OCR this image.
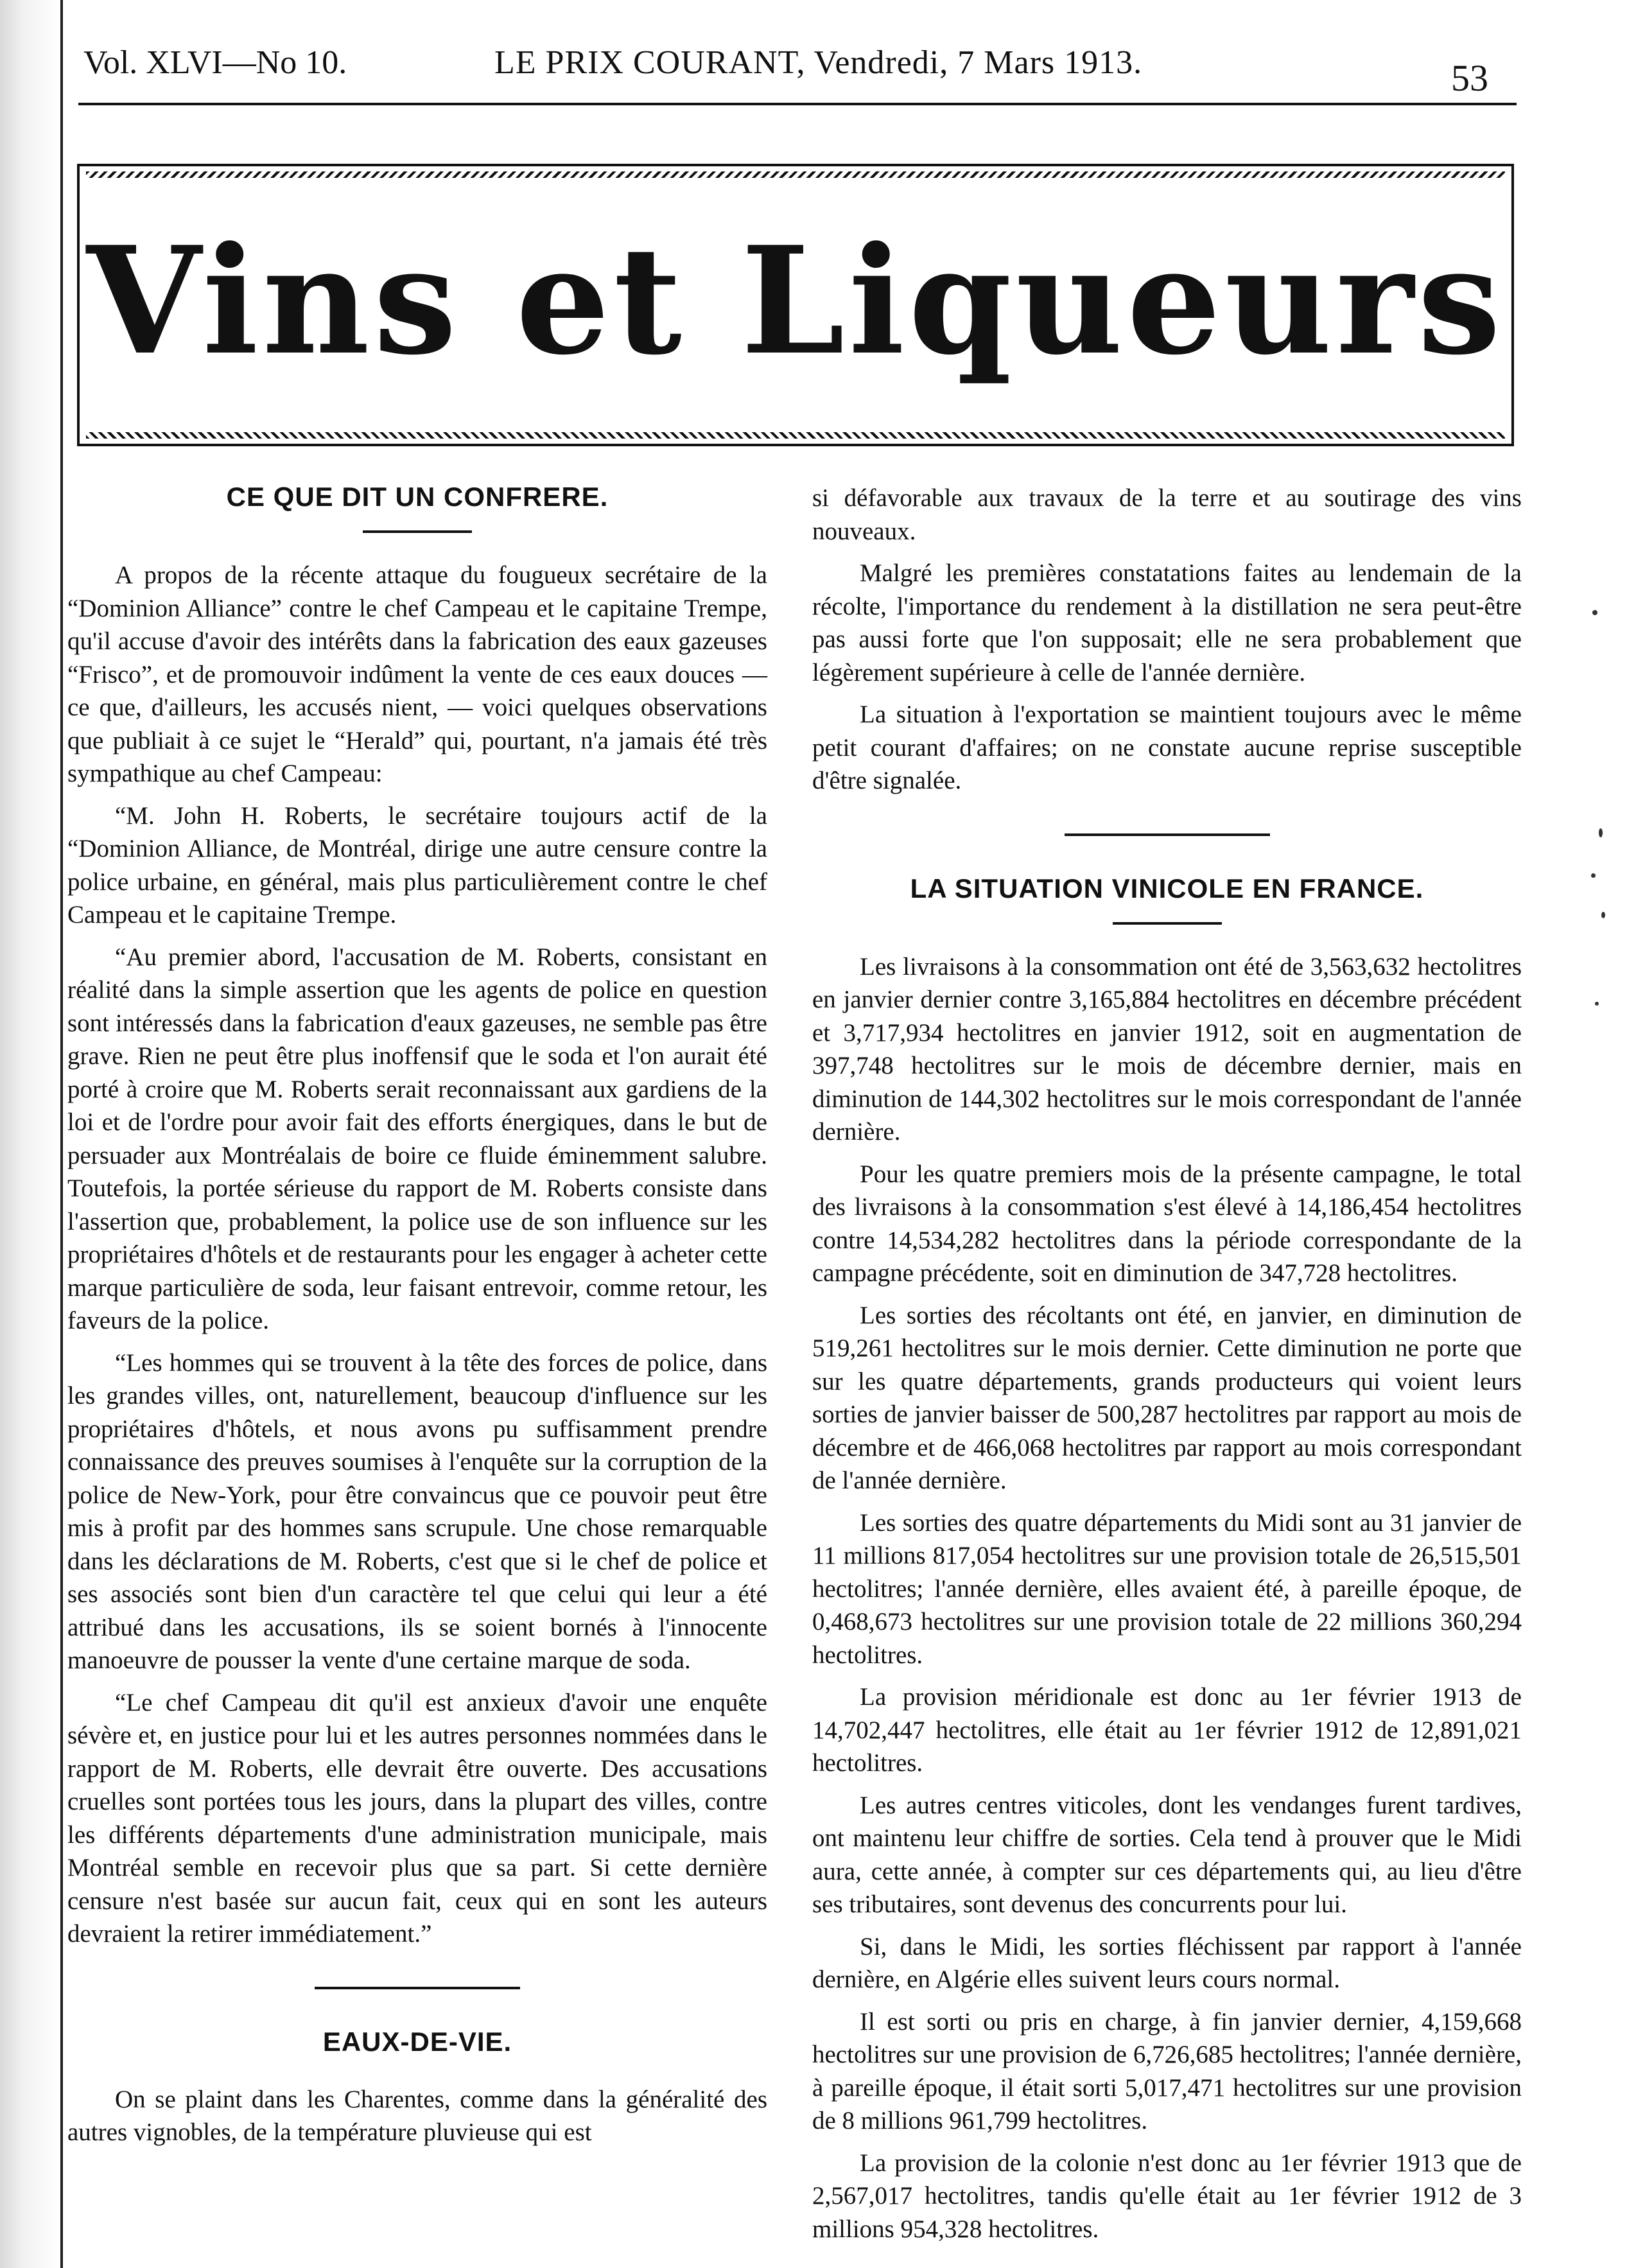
Vol. XLVI—No 10.	LE PRIX COURANT, Vendredi, 7 Mars 1913.	53
Vins et Liqueurs
CE QUE DIT UN CONFRERE.

A propos de la récente attaque du fougueux secrétaire de la “Dominion Alliance” contre le chef Campeau et le capitaine Trempe, qu'il accuse d'avoir des intérêts dans la fabrication des eaux gazeuses “Frisco”, et de promouvoir indûment la vente de ces eaux douces — ce que, d'ailleurs, les accusés nient, — voici quelques observations que publiait à ce sujet le “Herald” qui, pourtant, n'a jamais été très sympathique au chef Campeau:

“M. John H. Roberts, le secrétaire toujours actif de la “Dominion Alliance, de Montréal, dirige une autre censure contre la police urbaine, en général, mais plus particulièrement contre le chef Campeau et le capitaine Trempe.

“Au premier abord, l'accusation de M. Roberts, consistant en réalité dans la simple assertion que les agents de police en question sont intéressés dans la fabrication d'eaux gazeuses, ne semble pas être grave. Rien ne peut être plus inoffensif que le soda et l'on aurait été porté à croire que M. Roberts serait reconnaissant aux gardiens de la loi et de l'ordre pour avoir fait des efforts énergiques, dans le but de persuader aux Montréalais de boire ce fluide éminemment salubre. Toutefois, la portée sérieuse du rapport de M. Roberts consiste dans l'assertion que, probablement, la police use de son influence sur les propriétaires d'hôtels et de restaurants pour les engager à acheter cette marque particulière de soda, leur faisant entrevoir, comme retour, les faveurs de la police.

“Les hommes qui se trouvent à la tête des forces de police, dans les grandes villes, ont, naturellement, beaucoup d'influence sur les propriétaires d'hôtels, et nous avons pu suffisamment prendre connaissance des preuves soumises à l'enquête sur la corruption de la police de New-York, pour être convaincus que ce pouvoir peut être mis à profit par des hommes sans scrupule. Une chose remarquable dans les déclarations de M. Roberts, c'est que si le chef de police et ses associés sont bien d'un caractère tel que celui qui leur a été attribué dans les accusations, ils se soient bornés à l'innocente manoeuvre de pousser la vente d'une certaine marque de soda.

“Le chef Campeau dit qu'il est anxieux d'avoir une enquête sévère et, en justice pour lui et les autres personnes nommées dans le rapport de M. Roberts, elle devrait être ouverte. Des accusations cruelles sont portées tous les jours, dans la plupart des villes, contre les différents départements d'une administration municipale, mais Montréal semble en recevoir plus que sa part. Si cette dernière censure n'est basée sur aucun fait, ceux qui en sont les auteurs devraient la retirer immédiatement.”

EAUX-DE-VIE.

On se plaint dans les Charentes, comme dans la généralité des autres vignobles, de la température pluvieuse qui est

si défavorable aux travaux de la terre et au soutirage des vins nouveaux.

Malgré les premières constatations faites au lendemain de la récolte, l'importance du rendement à la distillation ne sera peut-être pas aussi forte que l'on supposait; elle ne sera probablement que légèrement supérieure à celle de l'année dernière.

La situation à l'exportation se maintient toujours avec le même petit courant d'affaires; on ne constate aucune reprise susceptible d'être signalée.

LA SITUATION VINICOLE EN FRANCE.

Les livraisons à la consommation ont été de 3,563,632 hectolitres en janvier dernier contre 3,165,884 hectolitres en décembre précédent et 3,717,934 hectolitres en janvier 1912, soit en augmentation de 397,748 hectolitres sur le mois de décembre dernier, mais en diminution de 144,302 hectolitres sur le mois correspondant de l'année dernière.

Pour les quatre premiers mois de la présente campagne, le total des livraisons à la consommation s'est élevé à 14,186,454 hectolitres contre 14,534,282 hectolitres dans la période correspondante de la campagne précédente, soit en diminution de 347,728 hectolitres.

Les sorties des récoltants ont été, en janvier, en diminution de 519,261 hectolitres sur le mois dernier. Cette diminution ne porte que sur les quatre départements, grands producteurs qui voient leurs sorties de janvier baisser de 500,287 hectolitres par rapport au mois de décembre et de 466,068 hectolitres par rapport au mois correspondant de l'année dernière.

Les sorties des quatre départements du Midi sont au 31 janvier de 11 millions 817,054 hectolitres sur une provision totale de 26,515,501 hectolitres; l'année dernière, elles avaient été, à pareille époque, de 0,468,673 hectolitres sur une provision totale de 22 millions 360,294 hectolitres.

La provision méridionale est donc au 1er février 1913 de 14,702,447 hectolitres, elle était au 1er février 1912 de 12,891,021 hectolitres.

Les autres centres viticoles, dont les vendanges furent tardives, ont maintenu leur chiffre de sorties. Cela tend à prouver que le Midi aura, cette année, à compter sur ces départements qui, au lieu d'être ses tributaires, sont devenus des concurrents pour lui.

Si, dans le Midi, les sorties fléchissent par rapport à l'année dernière, en Algérie elles suivent leurs cours normal.

Il est sorti ou pris en charge, à fin janvier dernier, 4,159,668 hectolitres sur une provision de 6,726,685 hectolitres; l'année dernière, à pareille époque, il était sorti 5,017,471 hectolitres sur une provision de 8 millions 961,799 hectolitres.

La provision de la colonie n'est donc au 1er février 1913 que de 2,567,017 hectolitres, tandis qu'elle était au 1er février 1912 de 3 millions 954,328 hectolitres.
